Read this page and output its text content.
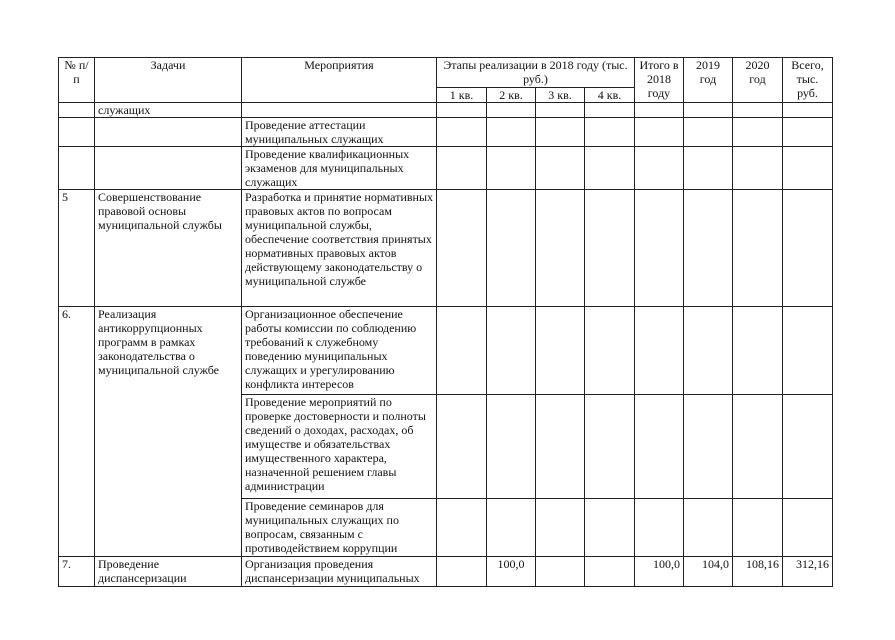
№ п/п	Задачи	Мероприятия	Этапы реализации в 2018 году (тыс. руб.)				Итого в 2018 году	2019 год	2020 год	Всего, тыс. руб.
			1 кв.	2 кв.	3 кв.	4 кв.				
	служащих									
		Проведение аттестации муниципальных служащих								
		Проведение квалификационных экзаменов для муниципальных служащих								
5	Совершенствование правовой основы муниципальной службы	Разработка и принятие нормативных правовых актов по вопросам муниципальной службы, обеспечение соответствия принятых нормативных правовых актов действующему законодательству о муниципальной службе								
6.	Реализация антикоррупционных программ в рамках законодательства о муниципальной службе	Организационное обеспечение работы комиссии по соблюдению требований к служебному поведению муниципальных служащих и урегулированию конфликта интересов								
		Проведение мероприятий по проверке достоверности и полноты сведений о доходах, расходах, об имуществе и обязательствах имущественного характера, назначенной решением главы администрации								
		Проведение семинаров для муниципальных служащих по вопросам, связанным с противодействием коррупции								
7.	Проведение диспансеризации	Организация проведения диспансеризации муниципальных		100,0			100,0	104,0	108,16	312,16
